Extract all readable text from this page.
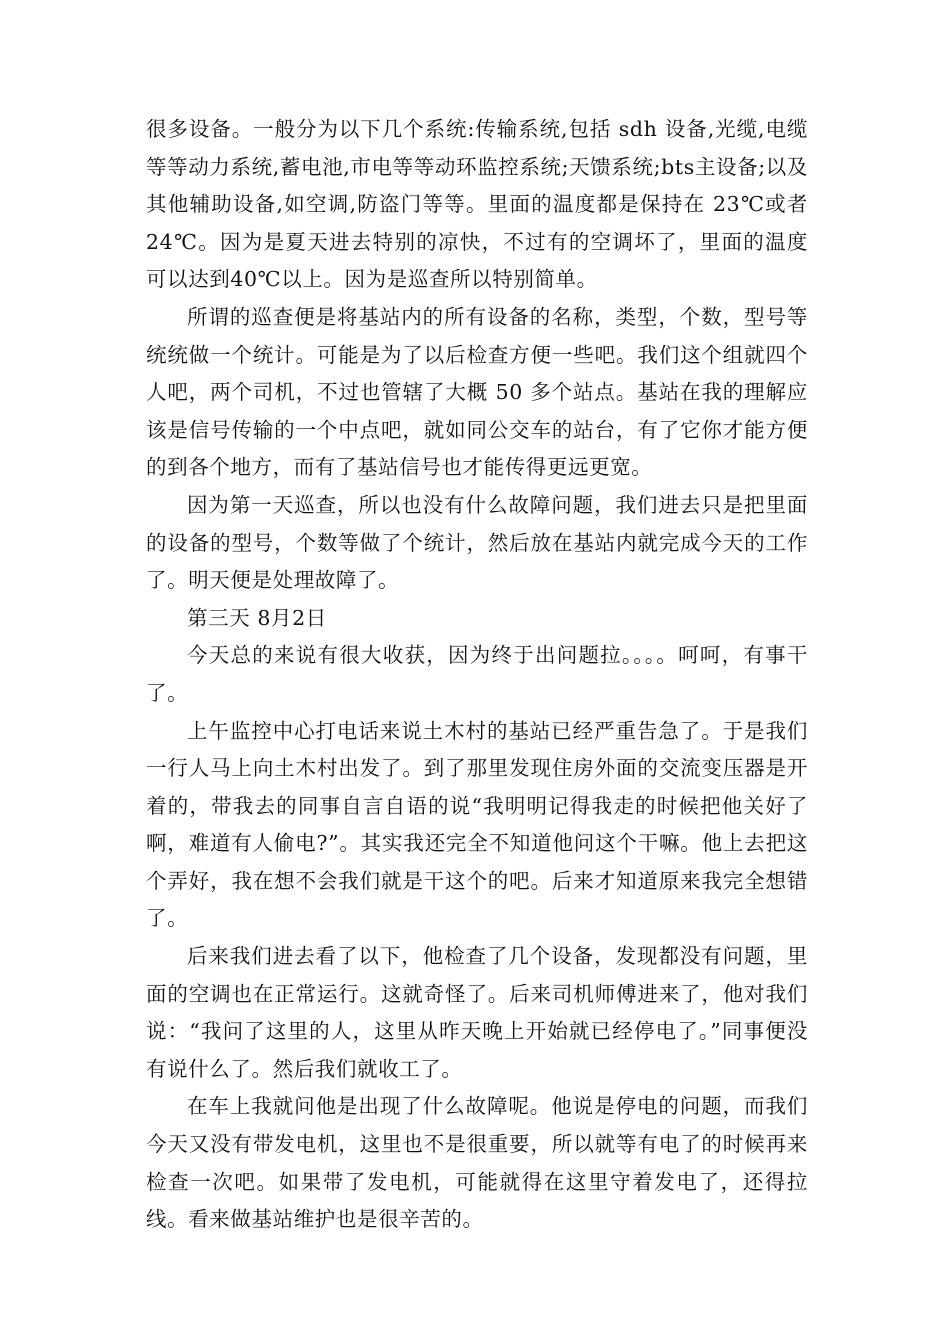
很多设备。一般分为以下几个系统:传输系统,包括 sdh 设备,光缆,电缆等等动力系统,蓄电池,市电等等动环监控系统;天馈系统;bts主设备;以及其他辅助设备,如空调,防盗门等等。里面的温度都是保持在 23℃或者 24℃。因为是夏天进去特别的凉快，不过有的空调坏了，里面的温度可以达到40℃以上。因为是巡查所以特别简单。

所谓的巡查便是将基站内的所有设备的名称，类型，个数，型号等统统做一个统计。可能是为了以后检查方便一些吧。我们这个组就四个人吧，两个司机，不过也管辖了大概 50 多个站点。基站在我的理解应该是信号传输的一个中点吧，就如同公交车的站台，有了它你才能方便的到各个地方，而有了基站信号也才能传得更远更宽。

因为第一天巡查，所以也没有什么故障问题，我们进去只是把里面的设备的型号，个数等做了个统计，然后放在基站内就完成今天的工作了。明天便是处理故障了。

第三天 8月2日

今天总的来说有很大收获，因为终于出问题拉。。。。呵呵，有事干了。

上午监控中心打电话来说土木村的基站已经严重告急了。于是我们一行人马上向土木村出发了。到了那里发现住房外面的交流变压器是开着的，带我去的同事自言自语的说“我明明记得我走的时候把他关好了啊，难道有人偷电?”。其实我还完全不知道他问这个干嘛。他上去把这个弄好，我在想不会我们就是干这个的吧。后来才知道原来我完全想错了。

后来我们进去看了以下，他检查了几个设备，发现都没有问题，里面的空调也在正常运行。这就奇怪了。后来司机师傅进来了，他对我们说：“我问了这里的人，这里从昨天晚上开始就已经停电了。”同事便没有说什么了。然后我们就收工了。

在车上我就问他是出现了什么故障呢。他说是停电的问题，而我们今天又没有带发电机，这里也不是很重要，所以就等有电了的时候再来检查一次吧。如果带了发电机，可能就得在这里守着发电了，还得拉线。看来做基站维护也是很辛苦的。
